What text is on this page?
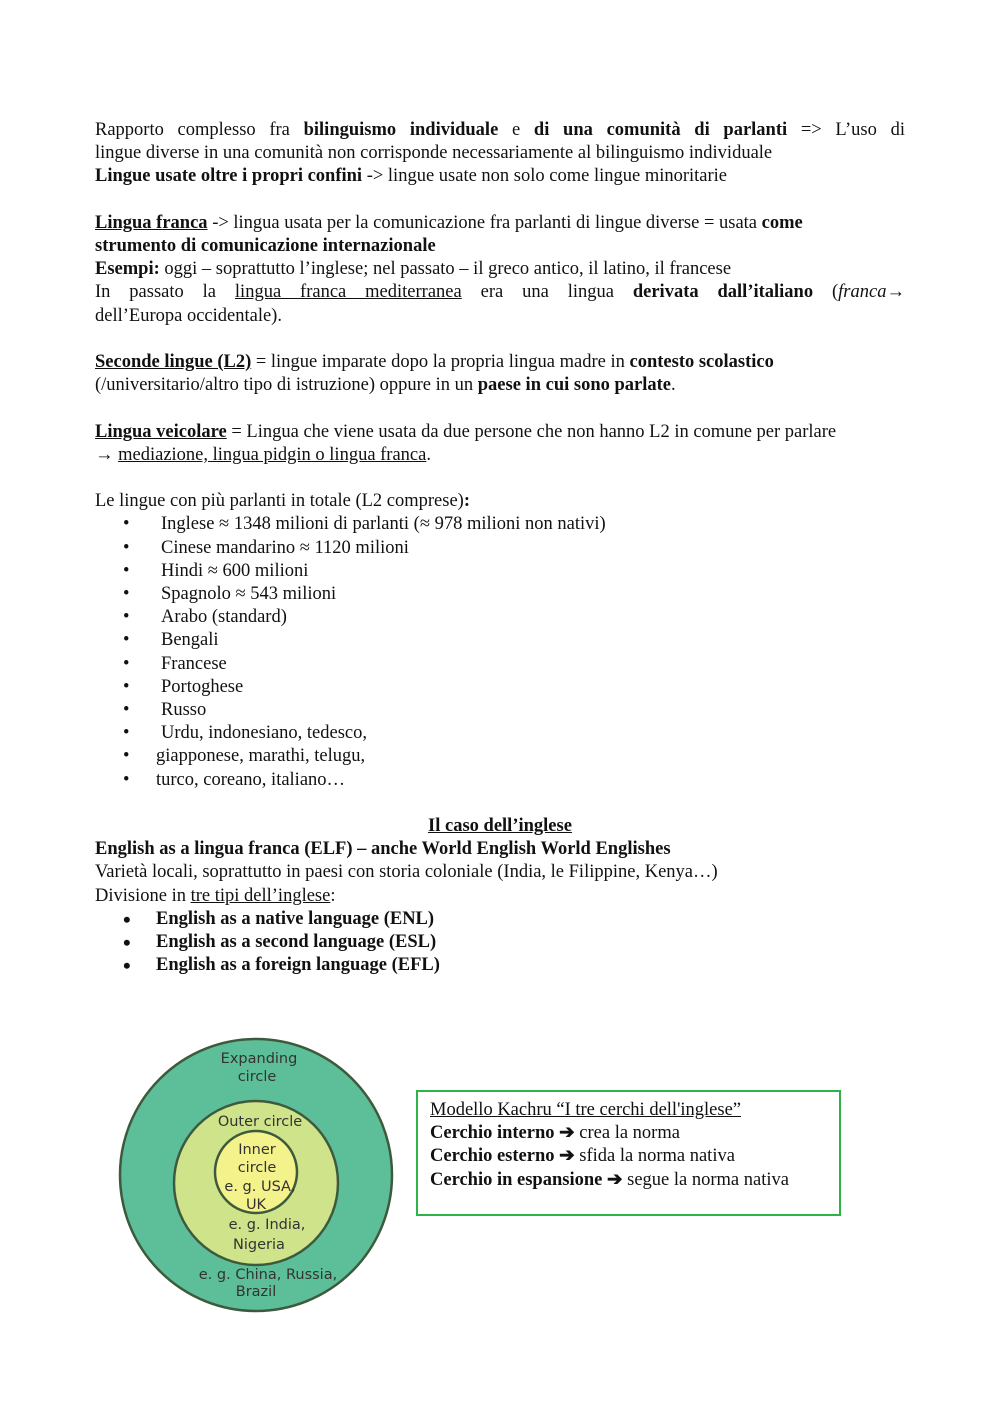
Rapporto complesso fra bilinguismo individuale e di una comunità di parlanti => L’uso di

lingue diverse in una comunità non corrisponde necessariamente al bilinguismo individuale

Lingue usate oltre i propri confini -> lingue usate non solo come lingue minoritarie

Lingua franca -> lingua usata per la comunicazione fra parlanti di lingue diverse = usata come

strumento di comunicazione internazionale

Esempi: oggi – soprattutto l’inglese; nel passato – il greco antico, il latino, il francese

In passato la lingua franca mediterranea era una lingua derivata dall’italiano (franca→

dell’Europa occidentale).

Seconde lingue (L2) = lingue imparate dopo la propria lingua madre in contesto scolastico

(/universitario/altro tipo di istruzione) oppure in un paese in cui sono parlate.

Lingua veicolare = Lingua che viene usata da due persone che non hanno L2 in comune per parlare

→ mediazione, lingua pidgin o lingua franca.

Le lingue con più parlanti in totale (L2 comprese):

• Inglese ≈ 1348 milioni di parlanti (≈ 978 milioni non nativi)
• Cinese mandarino ≈ 1120 milioni
• Hindi ≈ 600 milioni
• Spagnolo ≈ 543 milioni
• Arabo (standard)
• Bengali
• Francese
• Portoghese
• Russo
• Urdu, indonesiano, tedesco,
• giapponese, marathi, telugu,
• turco, coreano, italiano…

Il caso dell’inglese

English as a lingua franca (ELF) – anche World English World Englishes

Varietà locali, soprattutto in paesi con storia coloniale (India, le Filippine, Kenya…)

Divisione in tre tipi dell’inglese:

• English as a native language (ENL)
• English as a second language (ESL)
• English as a foreign language (EFL)
Expanding
circle
Outer circle
Inner
circle
e. g. USA,
UK
e. g. India,
Nigeria
e. g. China, Russia,
Brazil
Modello Kachru “I tre cerchi dell'inglese”
Cerchio interno ➔ crea la norma
Cerchio esterno ➔ sfida la norma nativa
Cerchio in espansione ➔ segue la norma nativa
